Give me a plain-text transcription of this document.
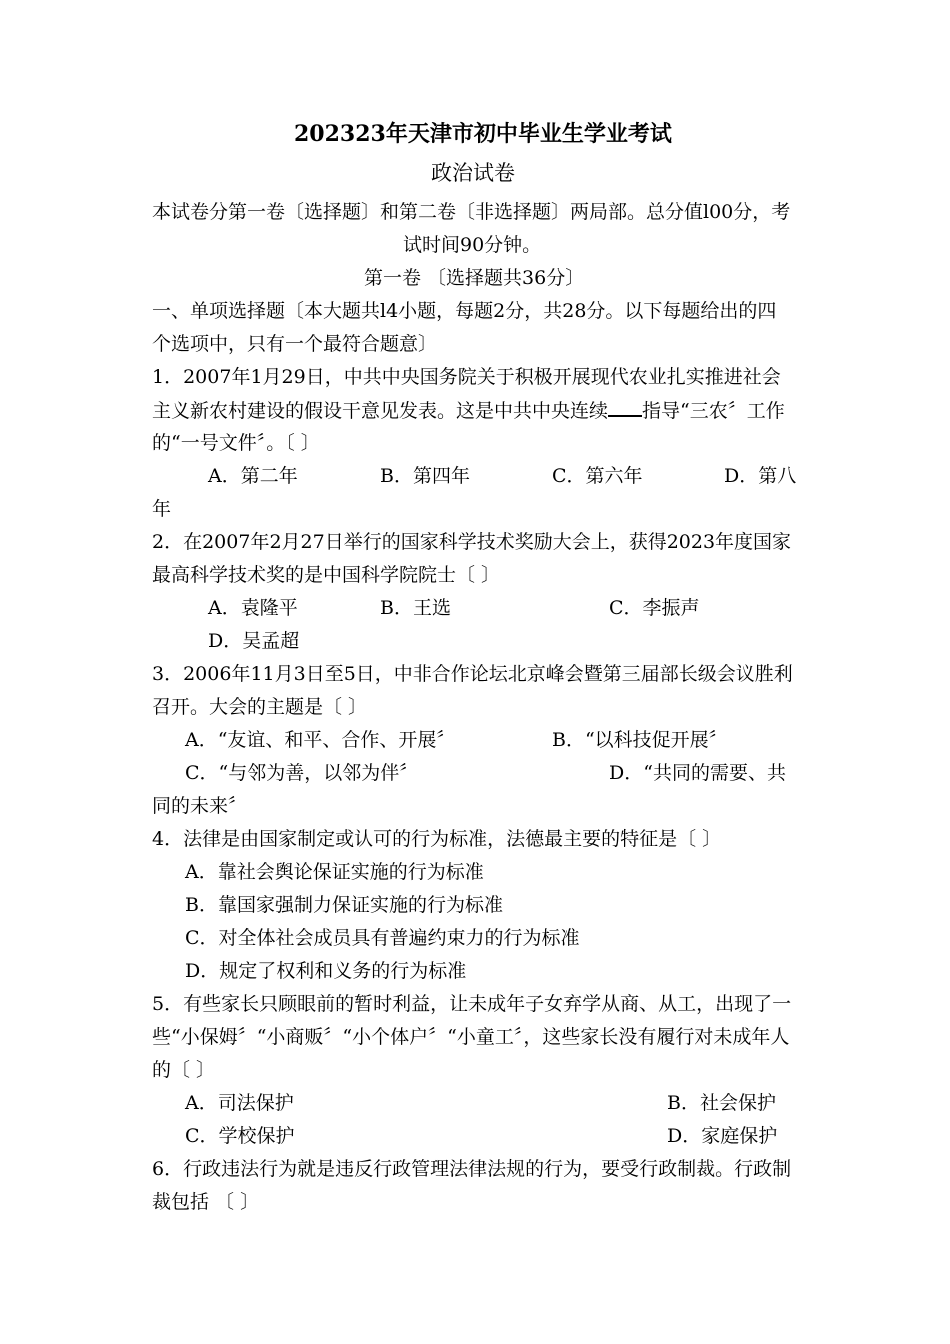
202323年天津市初中毕业生学业考试
政治试卷
本试卷分第一卷〔选择题〕和第二卷〔非选择题〕两局部。总分值l00分，考
试时间90分钟。
第一卷 〔选择题共36分〕
一、单项选择题〔本大题共l4小题，每题2分，共28分。以下每题给出的四
个选项中，只有一个最符合题意〕
1．2007年1月29日，中共中央国务院关于积极开展现代农业扎实推进社会
主义新农村建设的假设干意见发表。这是中共中央连续 指导“三农〞工作
的“一号文件〞。〔 〕
A．第二年	B．第四年	C．第六年	D．第八
年
2．在2007年2月27日举行的国家科学技术奖励大会上，获得2023年度国家
最高科学技术奖的是中国科学院院士〔 〕
A．袁隆平	B．王选	C．李振声
D．吴孟超
3．2006年11月3日至5日，中非合作论坛北京峰会暨第三届部长级会议胜利
召开。大会的主题是〔 〕
A．“友谊、和平、合作、开展〞	B．“以科技促开展〞
C．“与邻为善，以邻为伴〞	D．“共同的需要、共
同的未来〞
4．法律是由国家制定或认可的行为标准，法德最主要的特征是〔 〕
A．靠社会舆论保证实施的行为标准
B．靠国家强制力保证实施的行为标准
C．对全体社会成员具有普遍约束力的行为标准
D．规定了权利和义务的行为标准
5．有些家长只顾眼前的暂时利益，让未成年子女弃学从商、从工，出现了一
些“小保姆〞“小商贩〞“小个体户〞“小童工〞，这些家长没有履行对未成年人
的〔 〕
A．司法保护	B．社会保护
C．学校保护	D．家庭保护
6．行政违法行为就是违反行政管理法律法规的行为，要受行政制裁。行政制
裁包括 〔 〕
